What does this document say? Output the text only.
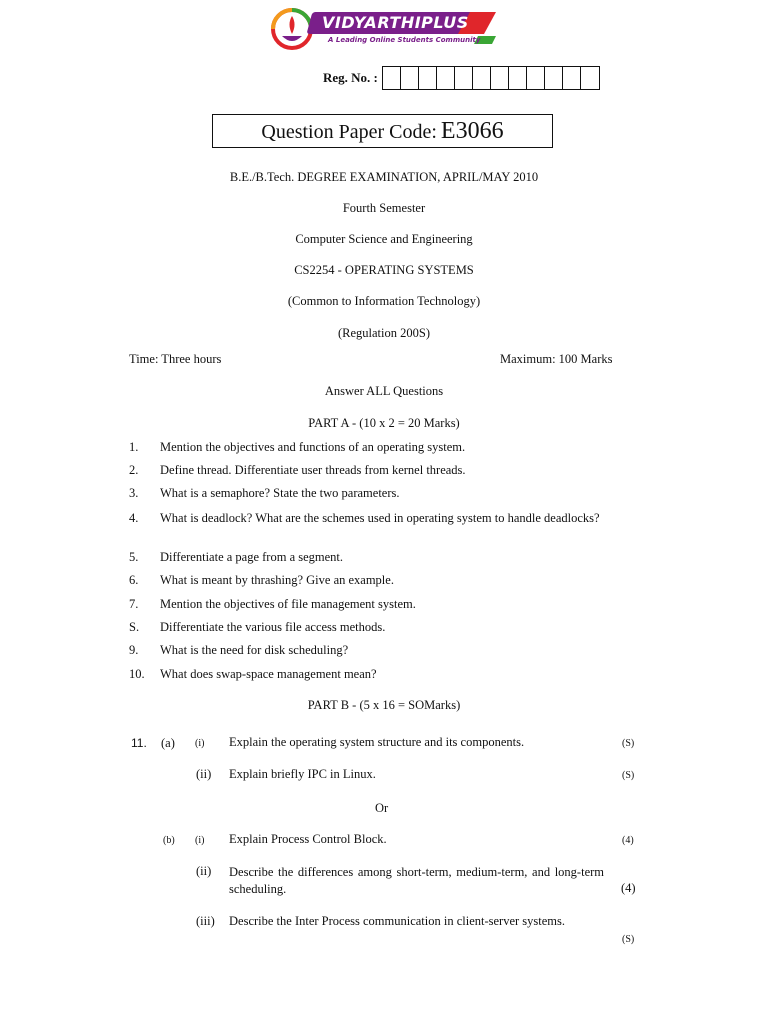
VIDYARTHIPLUS
A Leading Online Students Community
Reg. No. :
Question Paper Code: E3066
B.E./B.Tech. DEGREE EXAMINATION, APRIL/MAY 2010
Fourth Semester
Computer Science and Engineering
CS2254 - OPERATING SYSTEMS
(Common to Information Technology)
(Regulation 200S)
Time: Three hours	Maximum: 100 Marks
Answer ALL Questions
PART A - (10 x 2 = 20 Marks)
1. Mention the objectives and functions of an operating system.
2. Define thread. Differentiate user threads from kernel threads.
3. What is a semaphore? State the two parameters.
4. What is deadlock? What are the schemes used in operating system to handle deadlocks?
5. Differentiate a page from a segment.
6. What is meant by thrashing? Give an example.
7. Mention the objectives of file management system.
S. Differentiate the various file access methods.
9. What is the need for disk scheduling?
10. What does swap-space management mean?
PART B - (5 x 16 = SOMarks)
11. (a) (i) Explain the operating system structure and its components.	(S)
(ii) Explain briefly IPC in Linux.	(S)
Or
(b) (i) Explain Process Control Block.	(4)
(ii) Describe the differences among short-term, medium-term, and long-term scheduling.	(4)
(iii) Describe the Inter Process communication in client-server systems.
(S)
